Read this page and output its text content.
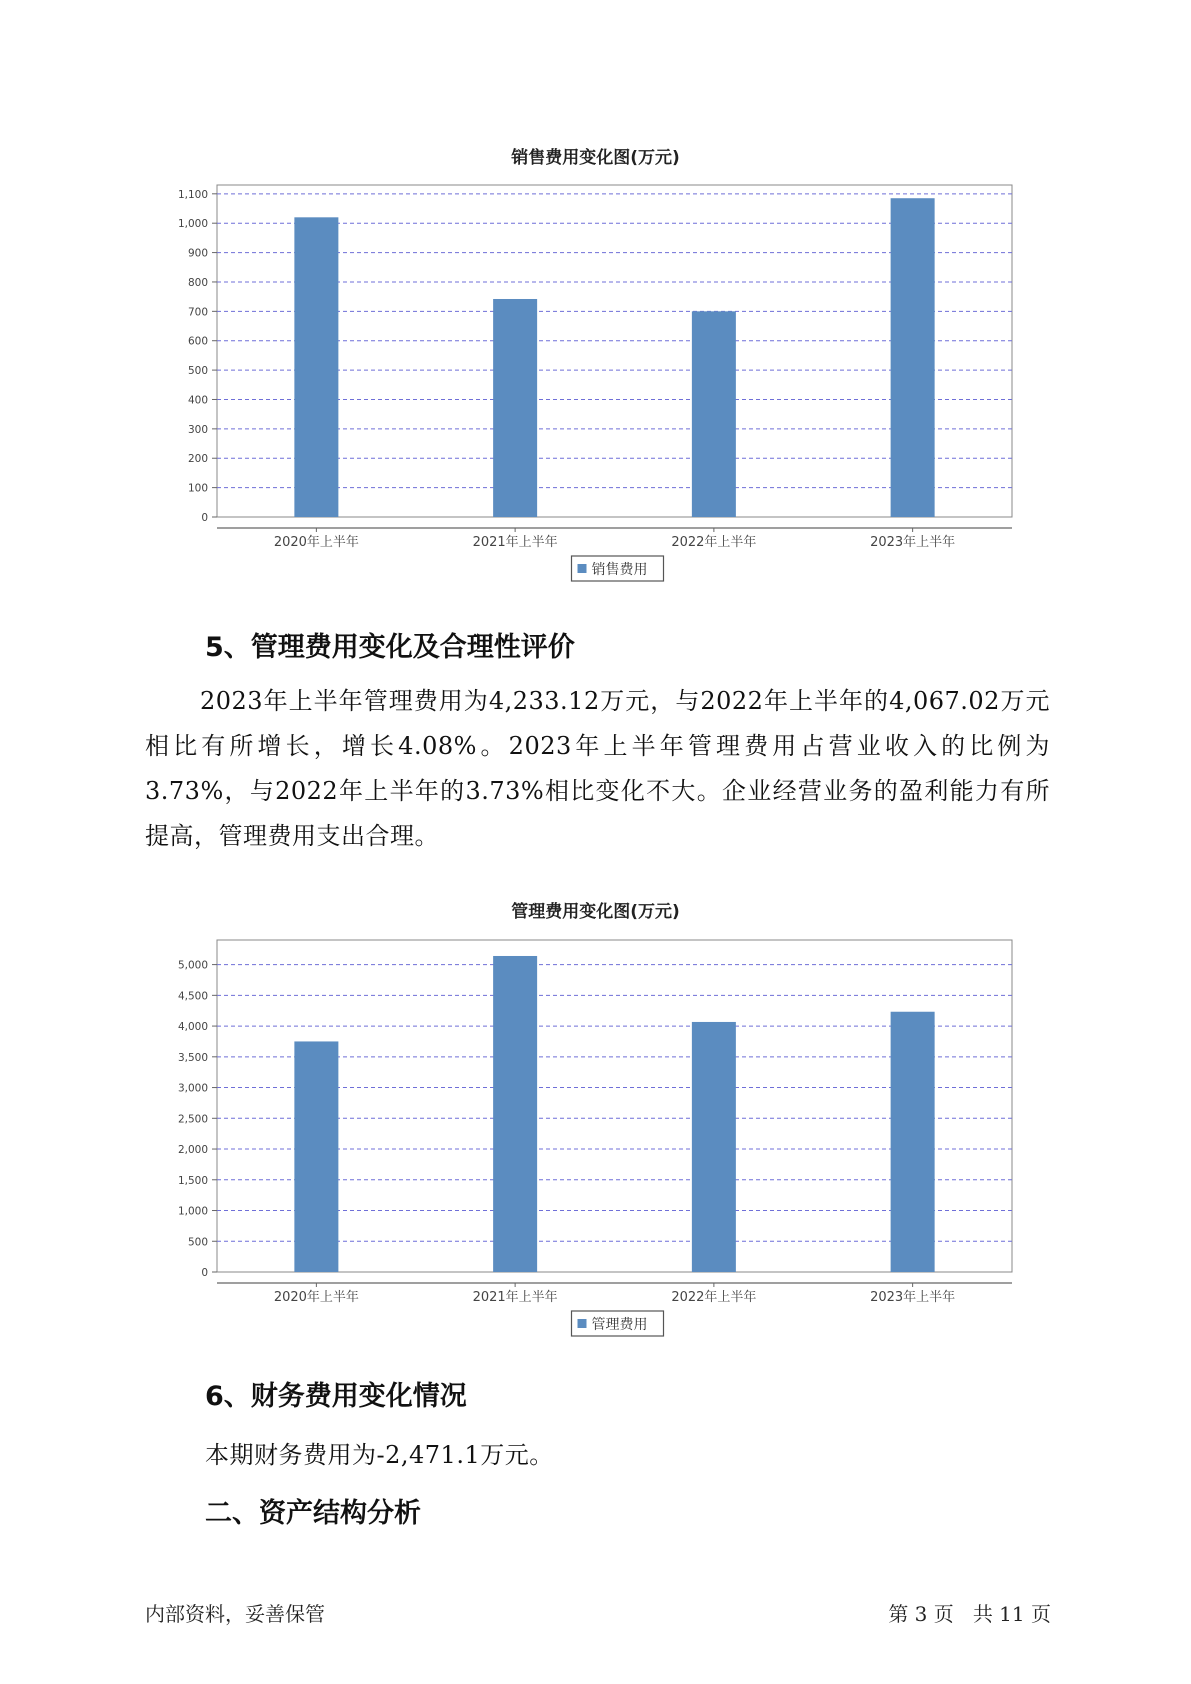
销售费用变化图(万元)
0
100
200
300
400
500
600
700
800
900
1,000
1,100
2020年上半年	2021年上半年	2022年上半年	2023年上半年
销售费用
5、管理费用变化及合理性评价

2023年上半年管理费用为4,233.12万元，与2022年上半年的4,067.02万元相比有所增长，增长4.08%。2023年上半年管理费用占营业收入的比例为3.73%，与2022年上半年的3.73%相比变化不大。企业经营业务的盈利能力有所提高，管理费用支出合理。

管理费用变化图(万元)
0
500
1,000
1,500
2,000
2,500
3,000
3,500
4,000
4,500
5,000
2020年上半年	2021年上半年	2022年上半年	2023年上半年
管理费用
6、财务费用变化情况

本期财务费用为-2,471.1万元。

二、资产结构分析
内部资料，妥善保管	第 3 页   共 11 页
